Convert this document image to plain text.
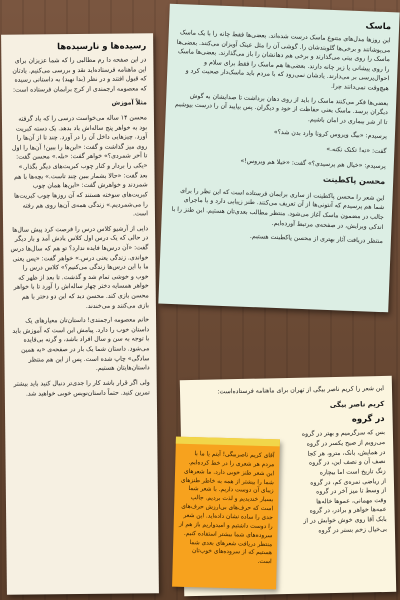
رسیده‌ها و نارسیده‌ها

در این صفحه دا رم مطالبی را که شما عزیزان برای این ماهنامه فرستاده‌اید نقد و بررسی می‌کنیم. یادتان که قبول افتند و در نظر (بدا نهید) به داستانی رسیده که معصومه ارجمندی از کرج برایمان فرستاده است:

مثلاً آموزش

محسن ۱۴ ساله می‌خواست درسی را که یاد گرفته بود به خواهر پنج‌ ساله‌اش یاد بدهد. یک دسته کبریت آورد. چیزهایی داخل آن را در آورد. چند تا از آن‌ها را روی میز گذاشت و گفت: «این‌ها را ببین! آن‌ها را اول تا آخر شمردی؟» خواهر گفت: «بله.» محسن گفت: «یکی را بردار و کنار چوب کبریت‌های دیگر بگذار.» بعد گفت: «حالا بشمار ببین چند تاست.» بچه‌ها با هم شمردند و خواهرش گفت: «این‌ها همان چوب کبریت‌های سوخته هستند که آن روز‌ها چوب کبریت‌ها را می‌شمردیم.» زندگی همه‌ی آن‌ها روی هم رفته است.

دایی از آرشیو کلاس درس را فرصت کرد پیش سال‌ها در حالی که یک درس اول کلاس یادش آمد و بار دیگر گفت: «آن درس‌ها فایده ندارد؟ تو هم که سال‌ها درس خواندی. زندگی یعنی درس.» خواهر گفت: «پس یعنی ما با این درس‌ها زندگی می‌کنیم؟» کلاس درس را خوب و خوشی تمام شد و گذشت. تا بعد از ظهر که خواهر همسایه دختر چهار ساله‌اش را آورد تا با خواهر محسن بازی کند. محسن دید که این دو دختر با هم بازی می‌کنند و می‌خندند.

خانم معصومه ارجمندی! داستان‌تان معیارهای یک داستان خوب را دارد. پیامش این است که آموزش باید با توجه به سن و سال افراد باشد، و گرنه بی‌فایده می‌شود. داستان شما یک بار در صفحه‌ی «به همین سادگی» چاپ شده است. پس از این هم منتظر داستان‌هایتان هستیم.

ولی اگر قرار باشد کار را جدی‌تر دنبال کنید باید بیشتر تمرین کنید. حتماً داستان‌نویس خوبی خواهید شد.

ماسک

این روزها مدل‌های متنوع ماسک درست شده‌اند. بعضی‌ها فقط چانه را با یک ماسک می‌پوشانند و برخی‌ها گلوبندشان را. گوشی آن را مثل عینک آویزان می‌کنند. بعضی‌ها ماسک را روی بینی می‌گذارند و برخی هم دهانشان را باز می‌گذارند. بعضی‌ها ماسک را روی پیشانی یا زیر چانه دارند. بعضی‌ها هم ماسک را فقط برای سلام و احوال‌پرسی بر می‌دارند. یادشان نمی‌رود که با مردم باید ماسک‌دار صحبت کرد و هیچ‌وقت نمی‌دانند چرا.

بعضی‌ها فکر می‌کنند ماسک را باید از روی دهان برداشت تا صدایشان به گوش دیگران برسد. ماسک یعنی حفاظت از خود و دیگران. پس بیایید آن را درست بپوشیم تا از شر بیماری در امان باشیم.

پرسیدم: «بیگ ویروس کرونا وارد بدن شد؟»

گفت: «نه! تکنک نکنه.»

پرسیدم: «خیال هم پرسیدی؟» گفت: «خیلا هم ویروس!»

محسن پاکطینت

این شعر را محسن پاکطینت از ساری برایمان فرستاده است که این نظر را برای شما هم پرسیدم که آنتونی‌ها از آن تعریف می‌کنند. طنز زیبایی دارد و با ماجرای جالب در مضمون ماسک آغاز می‌شود. منتظر مطالب بعدی‌تان هستیم. این طنز را با اندکی ویرایش، در صفحه‌ی مرتبط آورده‌ایم.

منتظر دریافت آثار بهتری از محسن پاکطینت هستیم.

این شعر را کریم ناصر بیگی از تهران برای ماهنامه فرستاده‌است:

کریم ناصر بیگی

در گروه

بس که سرگرمیم و بهتر در گروه

می‌رویم از صبح یکسر در گروه

در همایش، بانک، مترو، هر کجا

نصف آن و نصف این، در گروه

زنگ تاریخ است اما بیچاره

از ریاضی نمره‌ی کم، در گروه

از وسط تا میز آخر در گروه

وقت مهمانی، عموها خاله‌ها

عمه‌ها خواهر و برادر، در گروه

بابک آقا روی خوش خوابش در از

بی‌خیال زخم بستر در گروه

آقای کریم ناصربیگی! آیتم یا ما با مردم هر شعری را در خط کرده‌ایم. این شعر طنز خوبی دارد. ما شعرهای شما را بیشتر از همه به خاطر طنزهای زیبای آن دوست داریم. با شعر شما بسیار خندیدیم و لذت بردیم. جالب است که حرف‌های بی‌ارزش حرف‌های جدی را ساده نشان داده‌اید. این شعر را دوست داشتیم و امیدواریم باز هم از سروده‌های شما بیشتر استفاده کنیم. منتظر دریافت شعرهای بعدی شما هستیم که از سروده‌های خوب‌تان است.
